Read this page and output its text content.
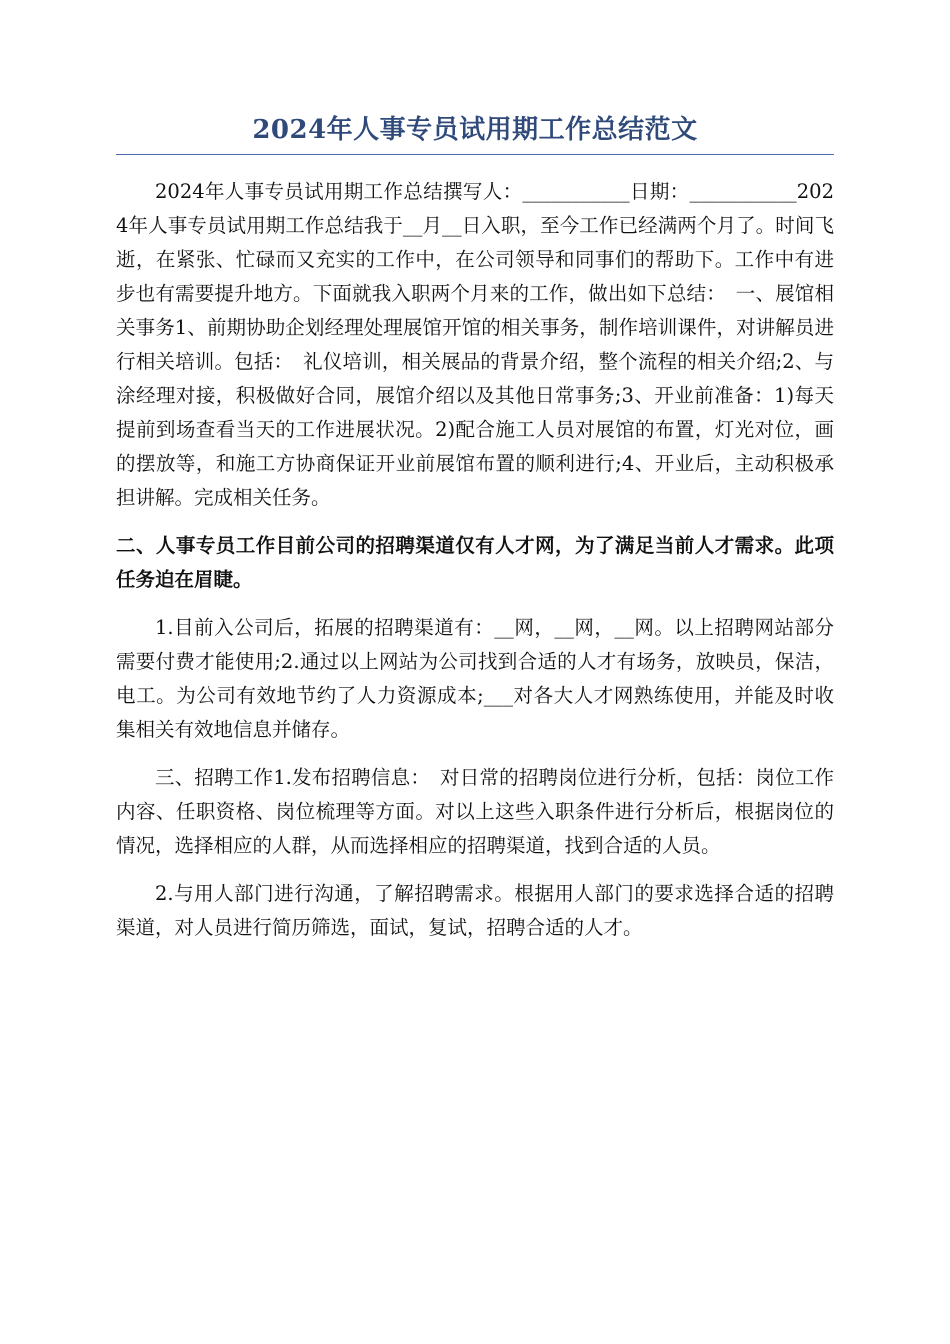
2024年人事专员试用期工作总结范文

2024年人事专员试用期工作总结撰写人：___________日期：___________2024年人事专员试用期工作总结我于__月__日入职，至今工作已经满两个月了。时间飞逝，在紧张、忙碌而又充实的工作中，在公司领导和同事们的帮助下。工作中有进步也有需要提升地方。下面就我入职两个月来的工作，做出如下总结：　一、展馆相关事务1、前期协助企划经理处理展馆开馆的相关事务，制作培训课件，对讲解员进行相关培训。包括：　礼仪培训，相关展品的背景介绍，整个流程的相关介绍;2、与涂经理对接，积极做好合同，展馆介绍以及其他日常事务;3、开业前准备：1)每天提前到场查看当天的工作进展状况。2)配合施工人员对展馆的布置，灯光对位，画的摆放等，和施工方协商保证开业前展馆布置的顺利进行;4、开业后，主动积极承担讲解。完成相关任务。

二、人事专员工作目前公司的招聘渠道仅有人才网，为了满足当前人才需求。此项任务迫在眉睫。

1.目前入公司后，拓展的招聘渠道有：__网，__网，__网。以上招聘网站部分需要付费才能使用;2.通过以上网站为公司找到合适的人才有场务，放映员，保洁，电工。为公司有效地节约了人力资源成本;___对各大人才网熟练使用，并能及时收集相关有效地信息并储存。

三、招聘工作1.发布招聘信息：　对日常的招聘岗位进行分析，包括：岗位工作内容、任职资格、岗位梳理等方面。对以上这些入职条件进行分析后，根据岗位的情况，选择相应的人群，从而选择相应的招聘渠道，找到合适的人员。

2.与用人部门进行沟通，了解招聘需求。根据用人部门的要求选择合适的招聘渠道，对人员进行简历筛选，面试，复试，招聘合适的人才。
